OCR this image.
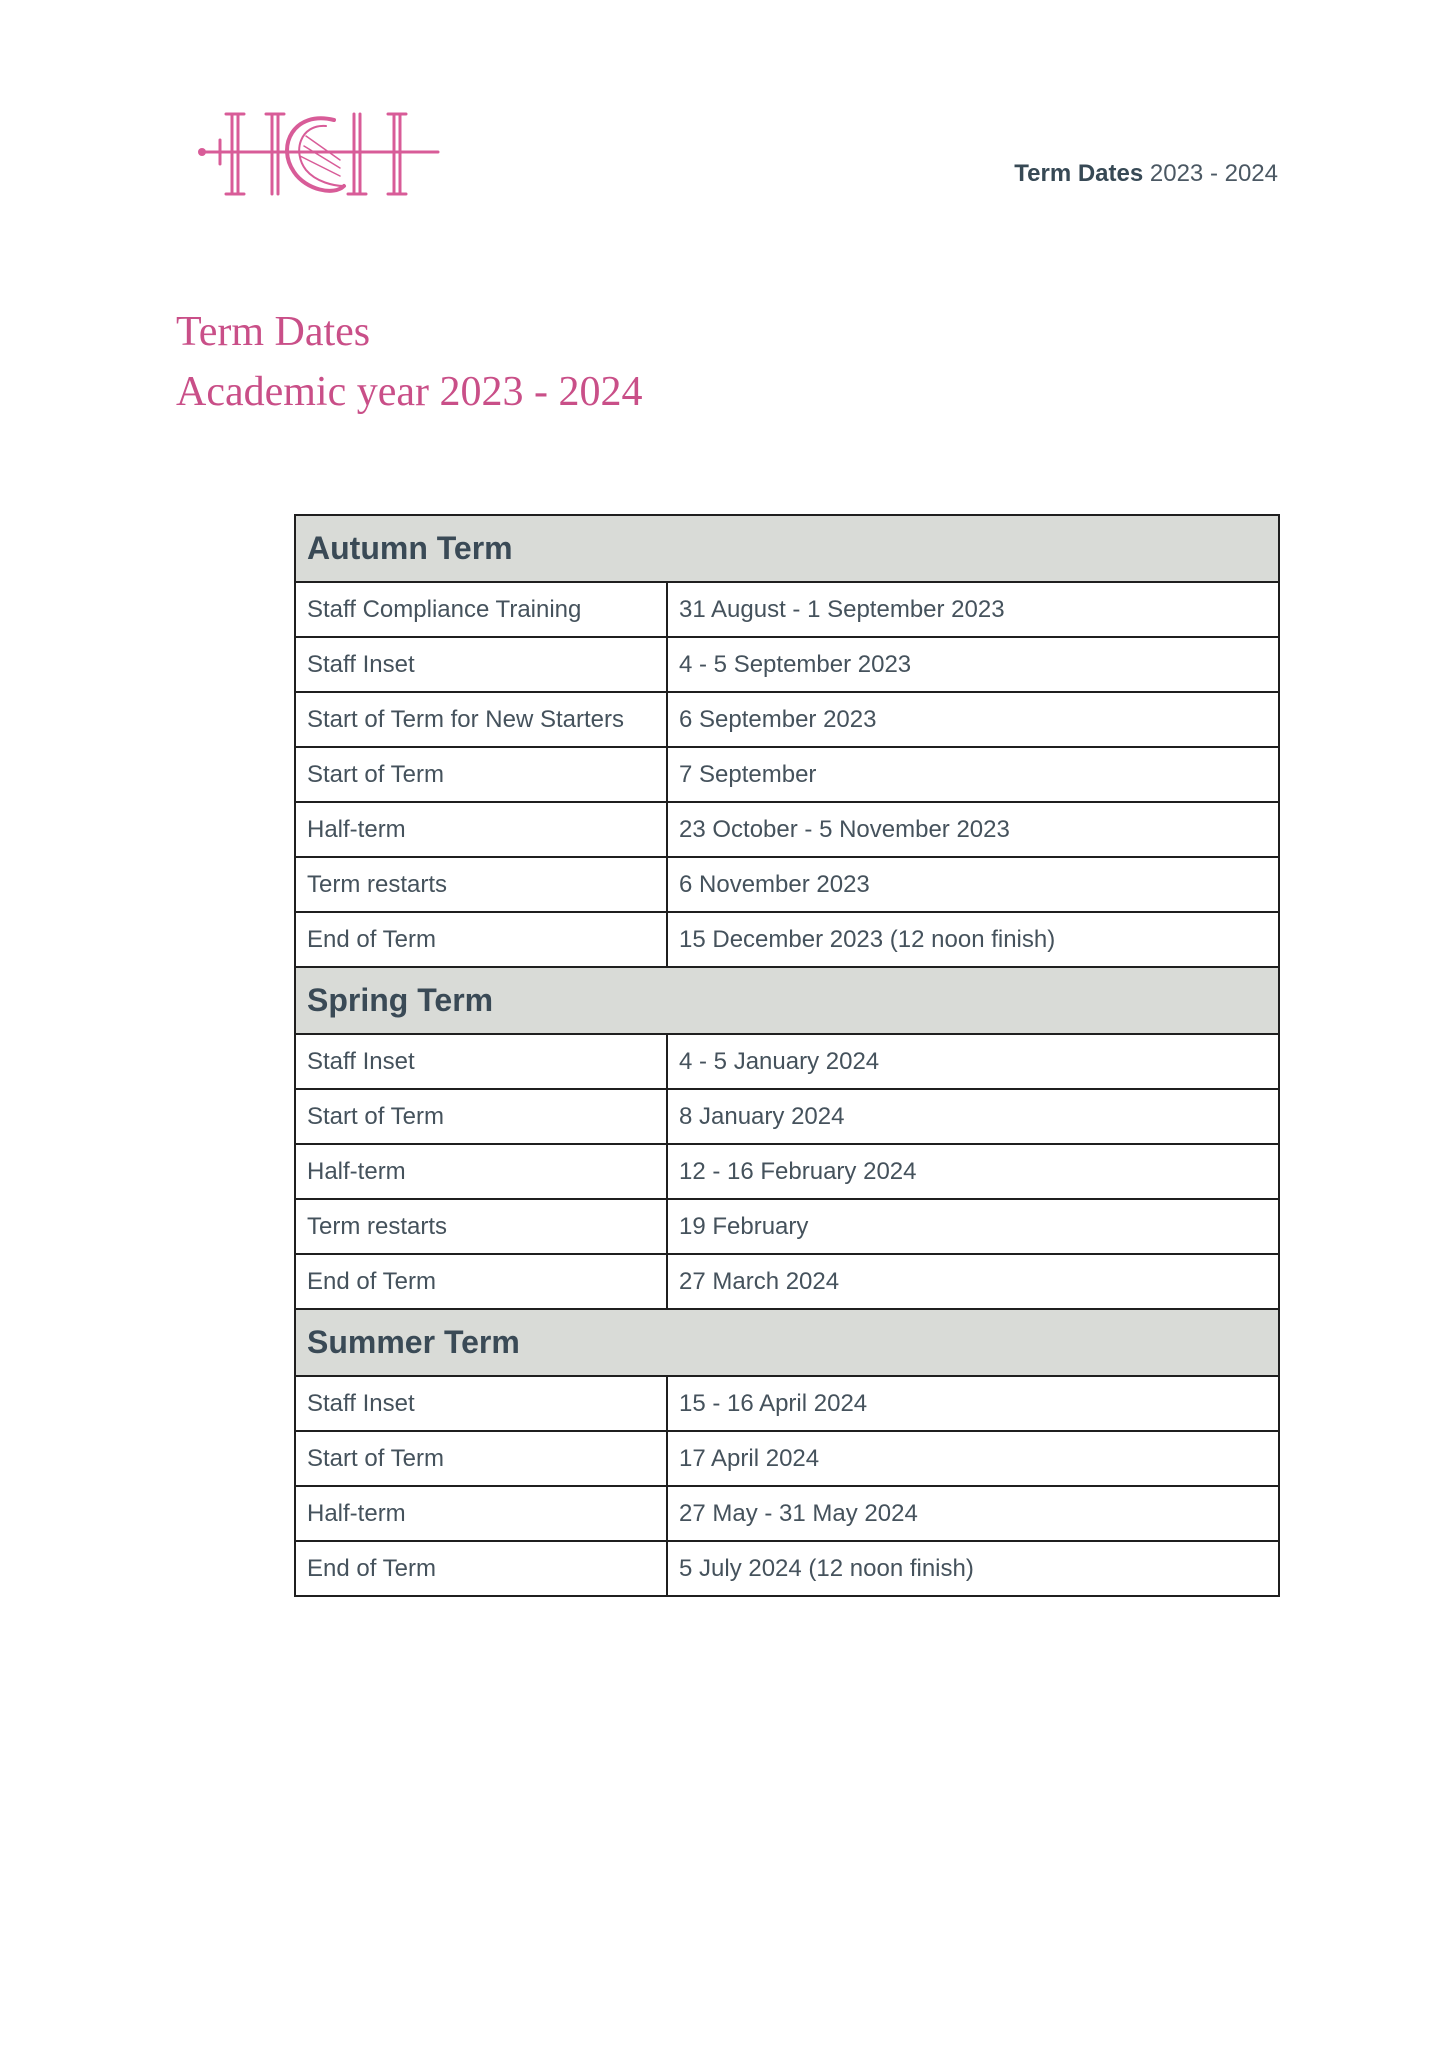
Term Dates 2023 - 2024
Term Dates
Academic year 2023 - 2024
Autumn Term	
Staff Compliance Training	31 August - 1 September 2023
Staff Inset	4 - 5 September 2023
Start of Term for New Starters	6 September 2023
Start of Term	7 September
Half-term	23 October - 5 November 2023
Term restarts	6 November 2023
End of Term	15 December 2023 (12 noon finish)
Spring Term	
Staff Inset	4 - 5 January 2024
Start of Term	8 January 2024
Half-term	12 - 16 February 2024
Term restarts	19 February
End of Term	27 March 2024
Summer Term	
Staff Inset	15 - 16 April 2024
Start of Term	17 April 2024
Half-term	27 May - 31 May 2024
End of Term	5 July 2024 (12 noon finish)
